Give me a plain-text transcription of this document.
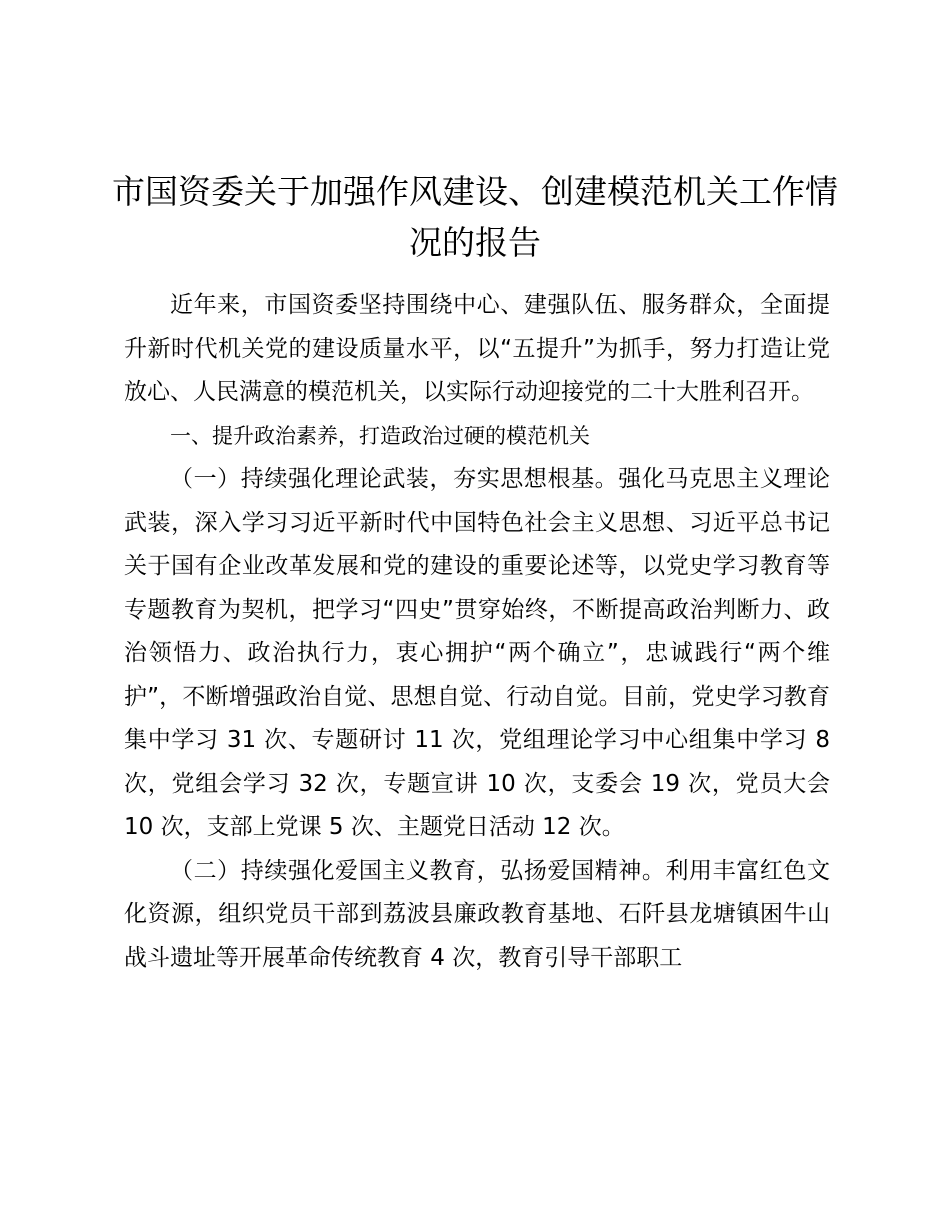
市国资委关于加强作风建设、创建模范机关工作情况的报告

近年来，市国资委坚持围绕中心、建强队伍、服务群众，全面提升新时代机关党的建设质量水平，以“五提升”为抓手，努力打造让党放心、人民满意的模范机关，以实际行动迎接党的二十大胜利召开。

一、提升政治素养，打造政治过硬的模范机关

（一）持续强化理论武装，夯实思想根基。强化马克思主义理论武装，深入学习习近平新时代中国特色社会主义思想、习近平总书记关于国有企业改革发展和党的建设的重要论述等，以党史学习教育等专题教育为契机，把学习“四史”贯穿始终，不断提高政治判断力、政治领悟力、政治执行力，衷心拥护“两个确立”，忠诚践行“两个维护”，不断增强政治自觉、思想自觉、行动自觉。目前，党史学习教育集中学习 31 次、专题研讨 11 次，党组理论学习中心组集中学习 8 次，党组会学习 32 次，专题宣讲 10 次，支委会 19 次，党员大会 10 次，支部上党课 5 次、主题党日活动 12 次。

（二）持续强化爱国主义教育，弘扬爱国精神。利用丰富红色文化资源，组织党员干部到荔波县廉政教育基地、石阡县龙塘镇困牛山战斗遗址等开展革命传统教育 4 次，教育引导干部职工
